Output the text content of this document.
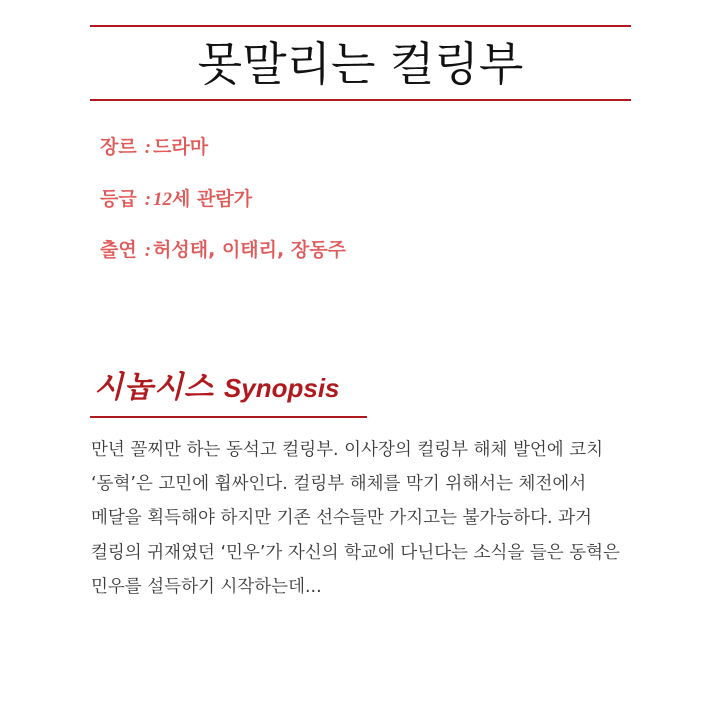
못말리는 컬링부
장르 : 드라마
등급 : 12세 관람가
출연 : 허성태, 이태리, 장동주
시놉시스 Synopsis
만년 꼴찌만 하는 동석고 컬링부. 이사장의 컬링부 해체 발언에 코치
‘동혁’은 고민에 휩싸인다. 컬링부 해체를 막기 위해서는 체전에서
메달을 획득해야 하지만 기존 선수들만 가지고는 불가능하다. 과거
컬링의 귀재였던 ‘민우’가 자신의 학교에 다닌다는 소식을 들은 동혁은
민우를 설득하기 시작하는데...
